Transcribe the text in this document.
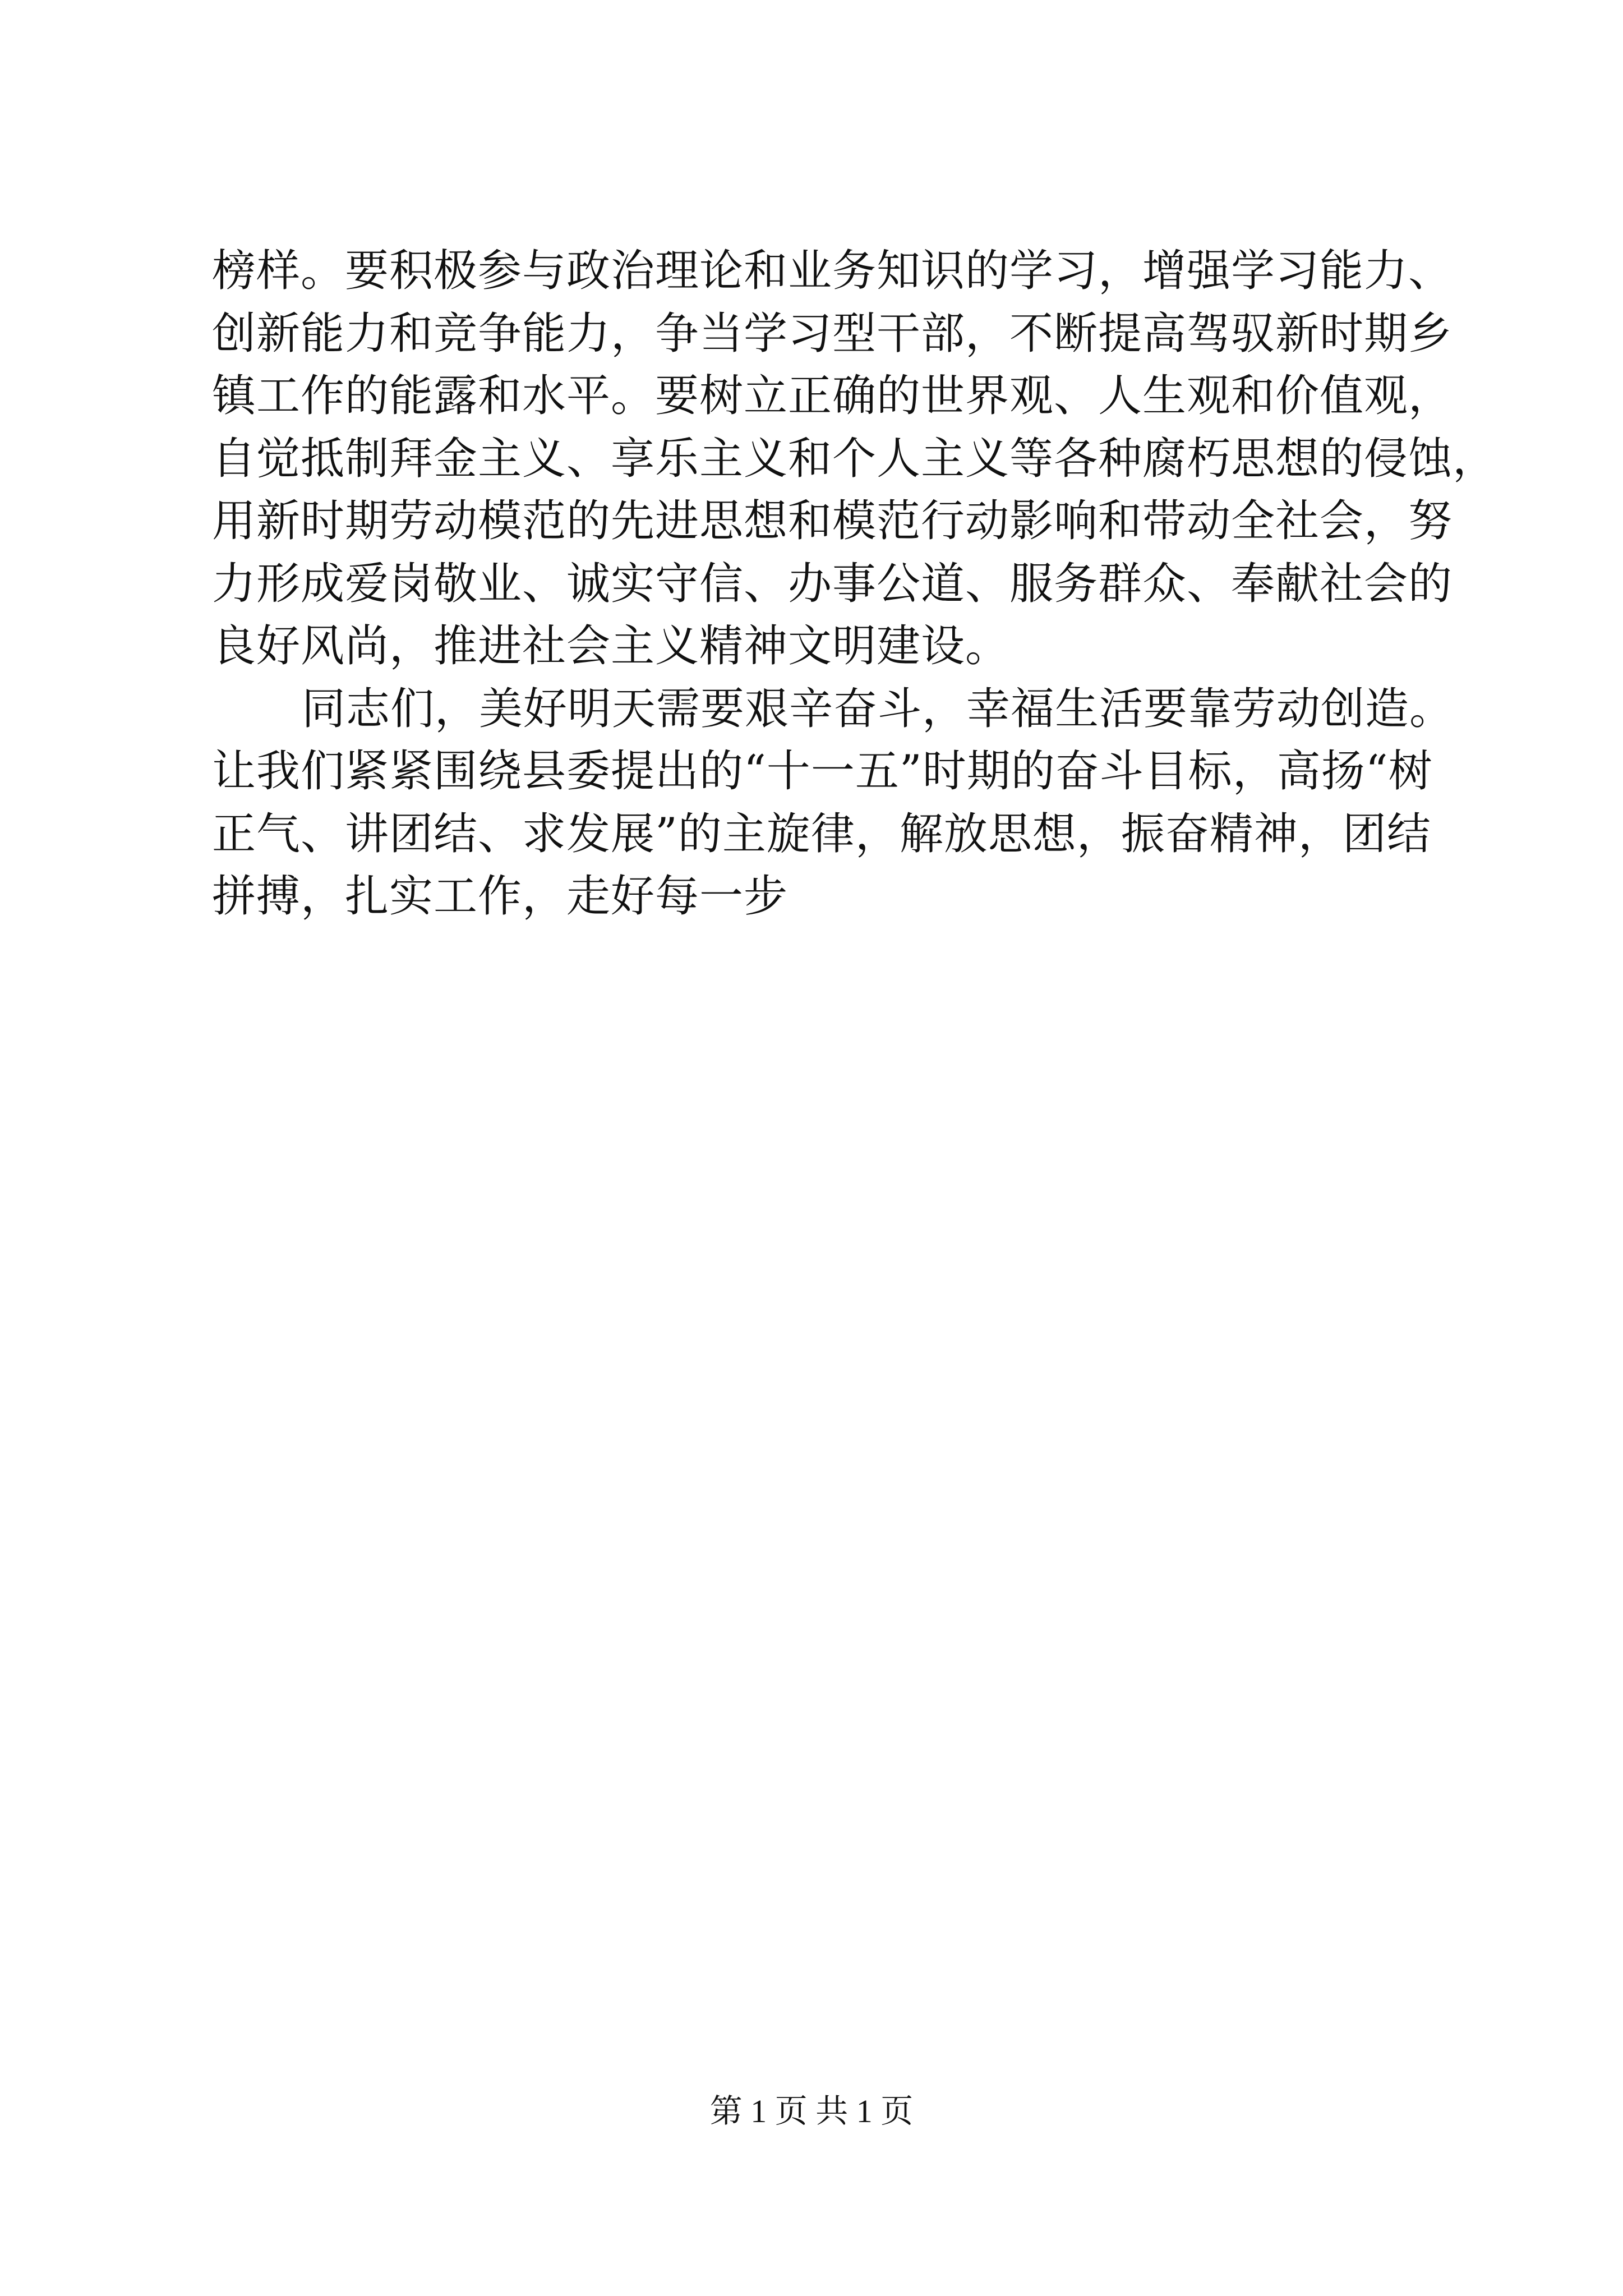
榜样。要积极参与政治理论和业务知识的学习，增强学习能力、
创新能力和竞争能力，争当学习型干部，不断提高驾驭新时期乡
镇工作的能露和水平。要树立正确的世界观、人生观和价值观，
自觉抵制拜金主义、享乐主义和个人主义等各种腐朽思想的侵蚀，
用新时期劳动模范的先进思想和模范行动影响和带动全社会，努
力形成爱岗敬业、诚实守信、办事公道、服务群众、奉献社会的
良好风尚，推进社会主义精神文明建设。
同志们，美好明天需要艰辛奋斗，幸福生活要靠劳动创造。
让我们紧紧围绕县委提出的“十一五”时期的奋斗目标，高扬“树
正气、讲团结、求发展”的主旋律，解放思想，振奋精神，团结
拼搏，扎实工作，走好每一步
第 1 页 共 1 页
